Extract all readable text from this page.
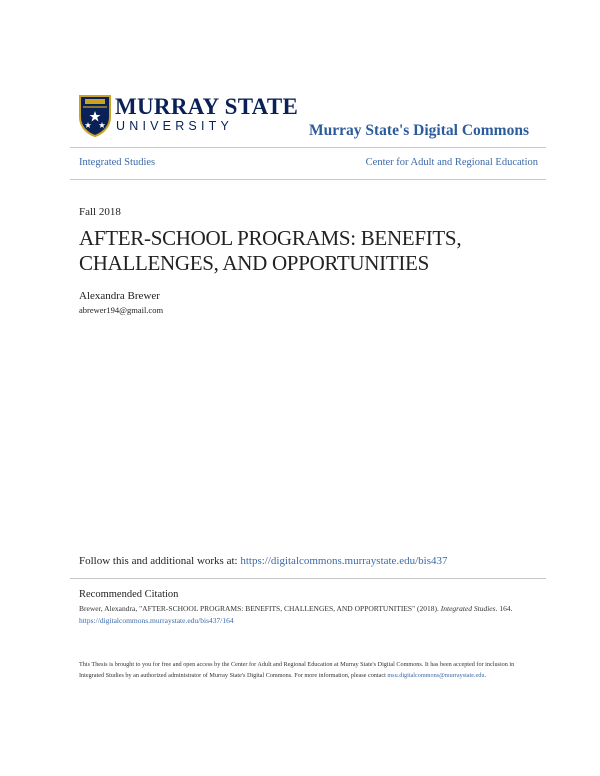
MURRAY STATE
UNIVERSITY	Murray State's Digital Commons
Integrated Studies	Center for Adult and Regional Education
Fall 2018
AFTER-SCHOOL PROGRAMS: BENEFITS,
CHALLENGES, AND OPPORTUNITIES
Alexandra Brewer
abrewer194@gmail.com
Follow this and additional works at: https://digitalcommons.murraystate.edu/bis437
Recommended Citation
Brewer, Alexandra, "AFTER-SCHOOL PROGRAMS: BENEFITS, CHALLENGES, AND OPPORTUNITIES" (2018). Integrated Studies. 164.
https://digitalcommons.murraystate.edu/bis437/164
This Thesis is brought to you for free and open access by the Center for Adult and Regional Education at Murray State's Digital Commons. It has been accepted for inclusion in Integrated Studies by an authorized administrator of Murray State's Digital Commons. For more information, please contact msu.digitalcommons@murraystate.edu.
